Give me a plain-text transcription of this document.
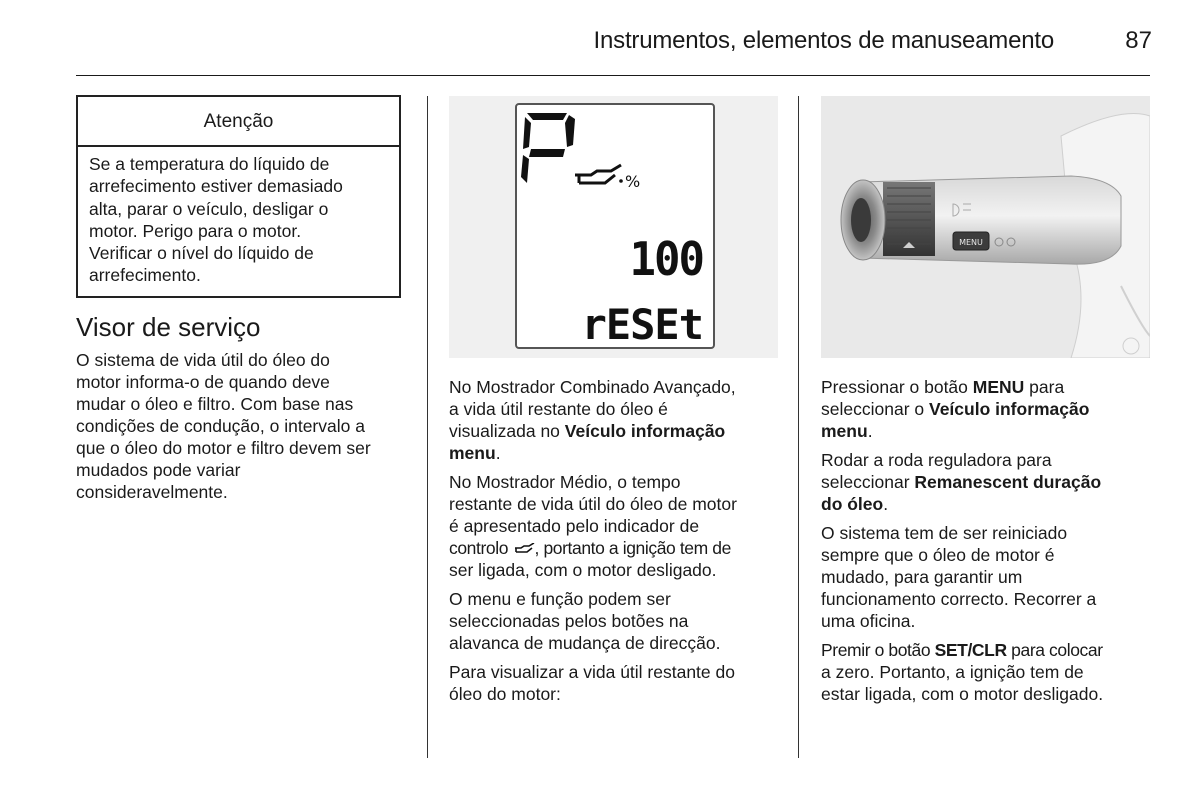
Instrumentos, elementos de manuseamento	87
Atenção
Se a temperatura do líquido de
arrefecimento estiver demasiado
alta, parar o veículo, desligar o
motor. Perigo para o motor.
Verificar o nível do líquido de
arrefecimento.
Visor de serviço
O sistema de vida útil do óleo do
motor informa-o de quando deve
mudar o óleo e filtro. Com base nas
condições de condução, o intervalo a
que o óleo do motor e filtro devem ser
mudados pode variar
consideravelmente.
P
%
100
rESEt
MENU

No Mostrador Combinado Avançado,
a vida útil restante do óleo é
visualizada no Veículo informação
menu.

No Mostrador Médio, o tempo
restante de vida útil do óleo de motor
é apresentado pelo indicador de
controlo , portanto a ignição tem de
ser ligada, com o motor desligado.

O menu e função podem ser
seleccionadas pelos botões na
alavanca de mudança de direcção.

Para visualizar a vida útil restante do
óleo do motor:

Pressionar o botão MENU para
seleccionar o Veículo informação
menu.

Rodar a roda reguladora para
seleccionar Remanescent duração
do óleo.

O sistema tem de ser reiniciado
sempre que o óleo de motor é
mudado, para garantir um
funcionamento correcto. Recorrer a
uma oficina.

Premir o botão SET/CLR para colocar
a zero. Portanto, a ignição tem de
estar ligada, com o motor desligado.
